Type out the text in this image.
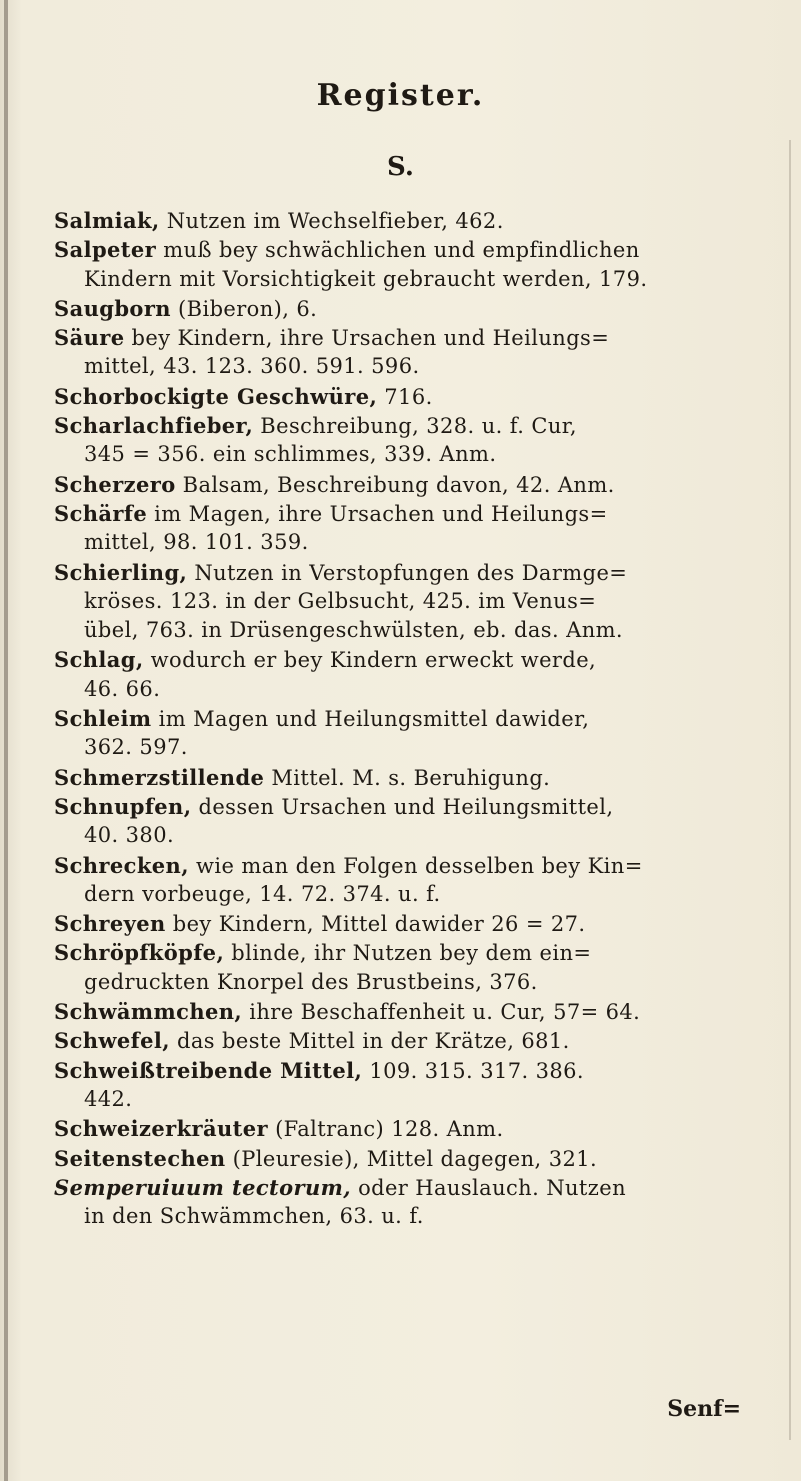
Register.
S.
Salmiak, Nutzen im Wechselfieber, 462.
Salpeter muß bey schwächlichen und empfindlichen
Kindern mit Vorsichtigkeit gebraucht werden, 179.
Saugborn (Biberon), 6.
Säure bey Kindern, ihre Ursachen und Heilungs=
mittel, 43. 123. 360. 591. 596.
Schorbockigte Geschwüre, 716.
Scharlachfieber, Beschreibung, 328. u. f. Cur,
345 = 356. ein schlimmes, 339. Anm.
Scherzero Balsam, Beschreibung davon, 42. Anm.
Schärfe im Magen, ihre Ursachen und Heilungs=
mittel, 98. 101. 359.
Schierling, Nutzen in Verstopfungen des Darmge=
kröses. 123. in der Gelbsucht, 425. im Venus=
übel, 763. in Drüsengeschwülsten, eb. das. Anm.
Schlag, wodurch er bey Kindern erweckt werde,
46. 66.
Schleim im Magen und Heilungsmittel dawider,
362. 597.
Schmerzstillende Mittel. M. s. Beruhigung.
Schnupfen, dessen Ursachen und Heilungsmittel,
40. 380.
Schrecken, wie man den Folgen desselben bey Kin=
dern vorbeuge, 14. 72. 374. u. f.
Schreyen bey Kindern, Mittel dawider 26 = 27.
Schröpfköpfe, blinde, ihr Nutzen bey dem ein=
gedruckten Knorpel des Brustbeins, 376.
Schwämmchen, ihre Beschaffenheit u. Cur, 57= 64.
Schwefel, das beste Mittel in der Krätze, 681.
Schweißtreibende Mittel, 109. 315. 317. 386.
442.
Schweizerkräuter (Faltranc) 128. Anm.
Seitenstechen (Pleuresie), Mittel dagegen, 321.
Semperuiuum tectorum, oder Hauslauch. Nutzen
in den Schwämmchen, 63. u. f.
Senf=
